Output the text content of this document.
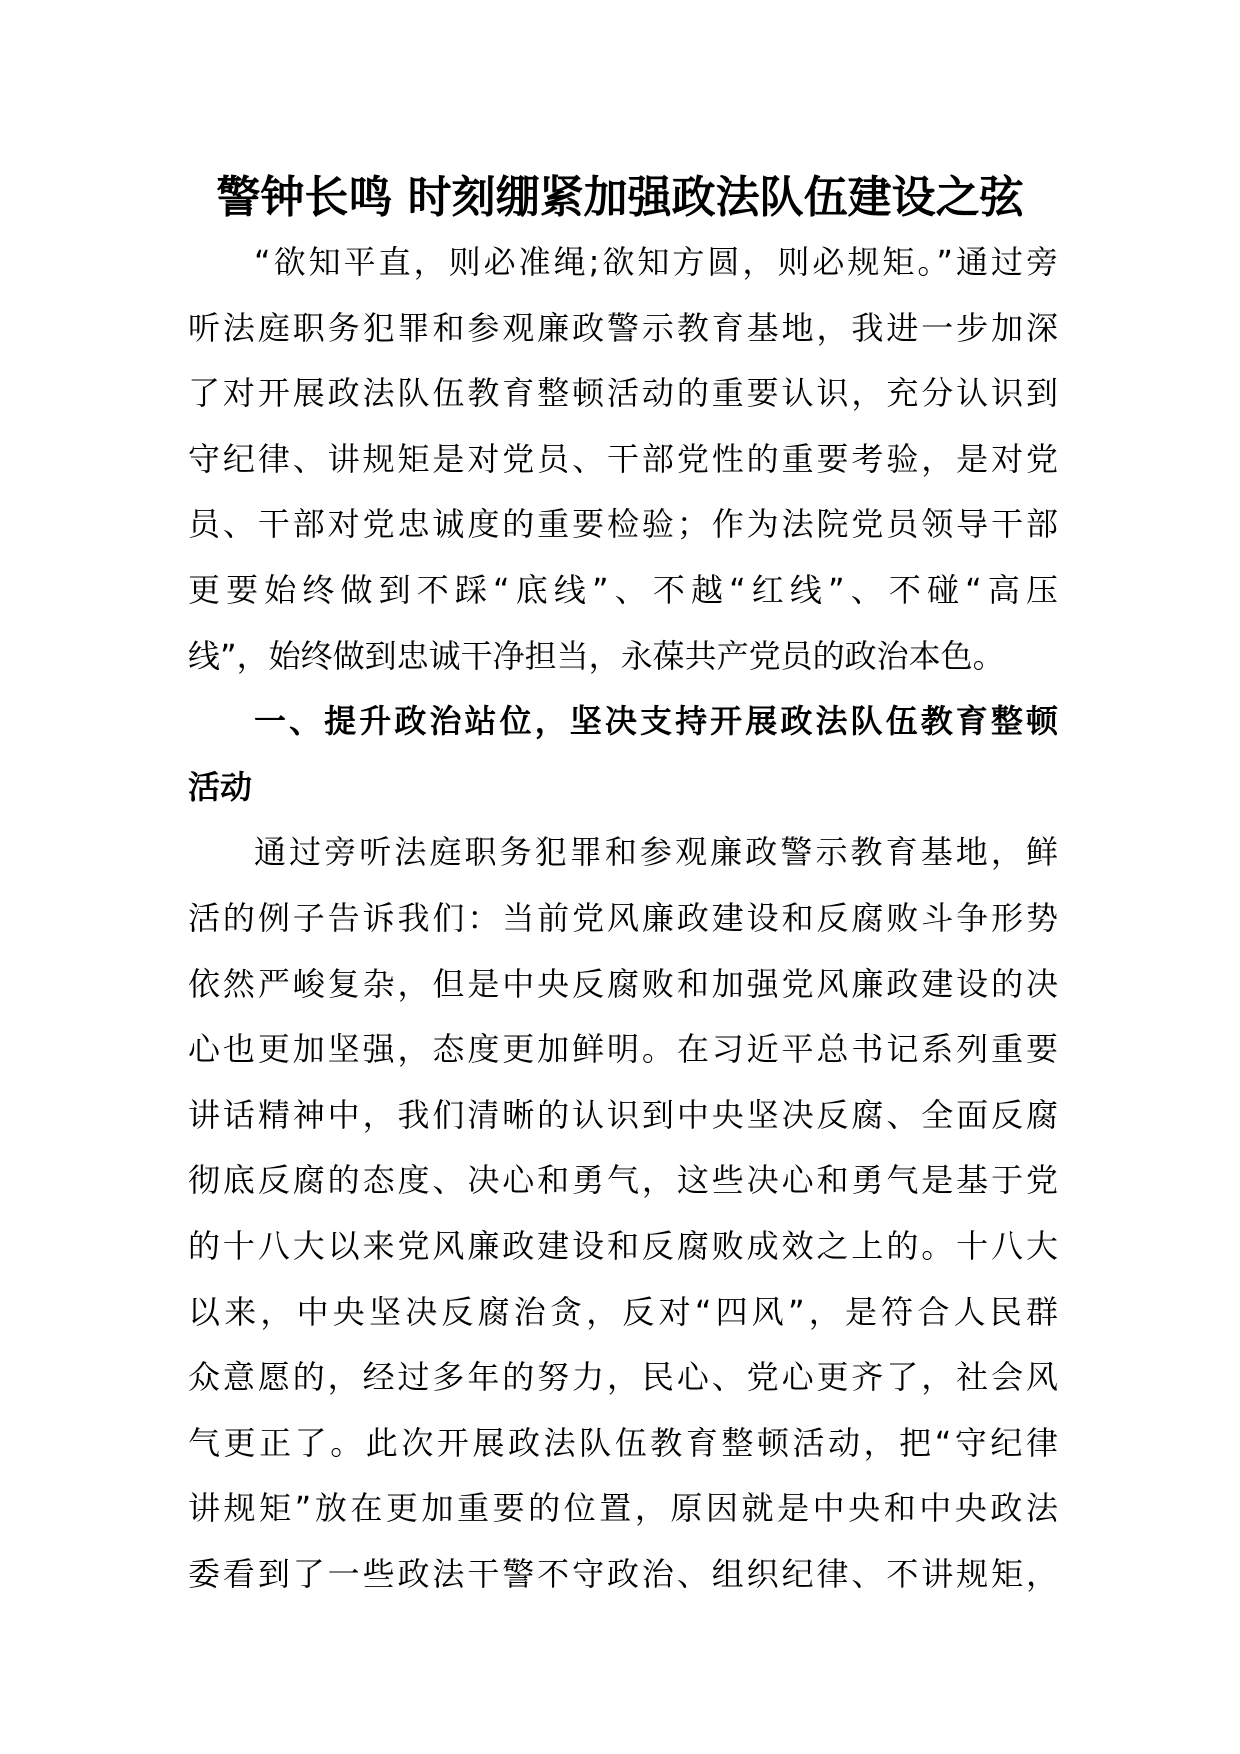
警钟长鸣 时刻绷紧加强政法队伍建设之弦
“欲知平直，则必准绳;欲知方圆，则必规矩。”通过旁
听法庭职务犯罪和参观廉政警示教育基地，我进一步加深
了对开展政法队伍教育整顿活动的重要认识，充分认识到
守纪律、讲规矩是对党员、干部党性的重要考验，是对党
员、干部对党忠诚度的重要检验；作为法院党员领导干部
更要始终做到不踩“底线”、不越“红线”、不碰“高压
线”，始终做到忠诚干净担当，永葆共产党员的政治本色。
一、提升政治站位，坚决支持开展政法队伍教育整顿
活动
通过旁听法庭职务犯罪和参观廉政警示教育基地，鲜
活的例子告诉我们：当前党风廉政建设和反腐败斗争形势
依然严峻复杂，但是中央反腐败和加强党风廉政建设的决
心也更加坚强，态度更加鲜明。在习近平总书记系列重要
讲话精神中，我们清晰的认识到中央坚决反腐、全面反腐
彻底反腐的态度、决心和勇气，这些决心和勇气是基于党
的十八大以来党风廉政建设和反腐败成效之上的。十八大
以来，中央坚决反腐治贪，反对“四风”，是符合人民群
众意愿的，经过多年的努力，民心、党心更齐了，社会风
气更正了。此次开展政法队伍教育整顿活动，把“守纪律
讲规矩”放在更加重要的位置，原因就是中央和中央政法
委看到了一些政法干警不守政治、组织纪律、不讲规矩，
